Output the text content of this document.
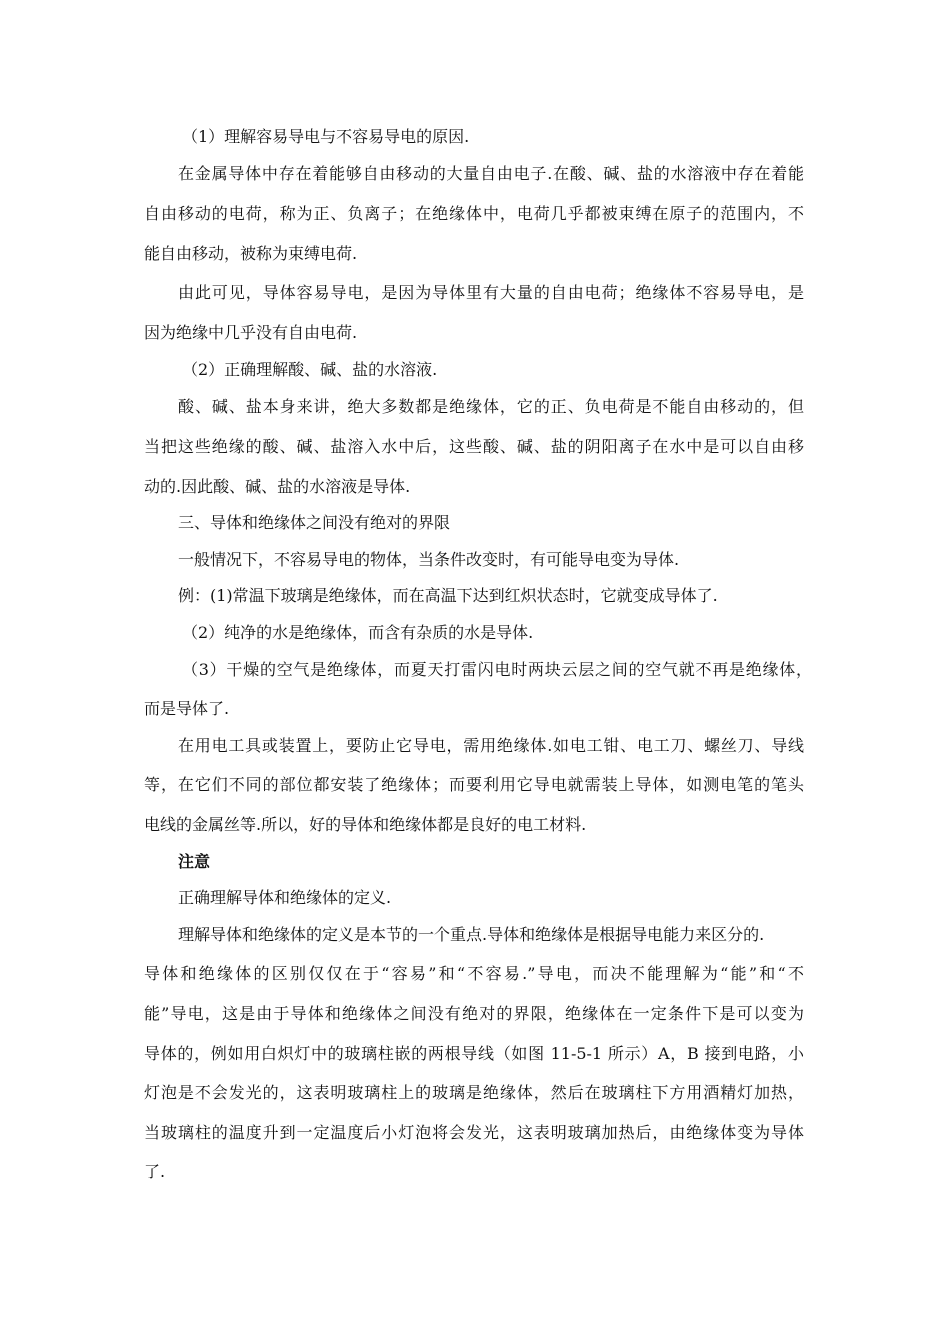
（1）理解容易导电与不容易导电的原因.
在金属导体中存在着能够自由移动的大量自由电子.在酸、碱、盐的水溶液中存在着能
自由移动的电荷，称为正、负离子；在绝缘体中，电荷几乎都被束缚在原子的范围内，不
能自由移动，被称为束缚电荷.
由此可见，导体容易导电，是因为导体里有大量的自由电荷；绝缘体不容易导电，是
因为绝缘中几乎没有自由电荷.
（2）正确理解酸、碱、盐的水溶液.
酸、碱、盐本身来讲，绝大多数都是绝缘体，它的正、负电荷是不能自由移动的，但
当把这些绝缘的酸、碱、盐溶入水中后，这些酸、碱、盐的阴阳离子在水中是可以自由移
动的.因此酸、碱、盐的水溶液是导体.
三、导体和绝缘体之间没有绝对的界限
一般情况下，不容易导电的物体，当条件改变时，有可能导电变为导体.
例：(1)常温下玻璃是绝缘体，而在高温下达到红炽状态时，它就变成导体了.
（2）纯净的水是绝缘体，而含有杂质的水是导体.
（3）干燥的空气是绝缘体，而夏天打雷闪电时两块云层之间的空气就不再是绝缘体，
而是导体了.
在用电工具或装置上，要防止它导电，需用绝缘体.如电工钳、电工刀、螺丝刀、导线
等，在它们不同的部位都安装了绝缘体；而要利用它导电就需装上导体，如测电笔的笔头
电线的金属丝等.所以，好的导体和绝缘体都是良好的电工材料.
注意
正确理解导体和绝缘体的定义.
理解导体和绝缘体的定义是本节的一个重点.导体和绝缘体是根据导电能力来区分的.
导体和绝缘体的区别仅仅在于“容易”和“不容易.”导电，而决不能理解为“能”和“不
能”导电，这是由于导体和绝缘体之间没有绝对的界限，绝缘体在一定条件下是可以变为
导体的，例如用白炽灯中的玻璃柱嵌的两根导线（如图 11-5-1 所示）A，B 接到电路，小
灯泡是不会发光的，这表明玻璃柱上的玻璃是绝缘体，然后在玻璃柱下方用酒精灯加热，
当玻璃柱的温度升到一定温度后小灯泡将会发光，这表明玻璃加热后，由绝缘体变为导体
了.
